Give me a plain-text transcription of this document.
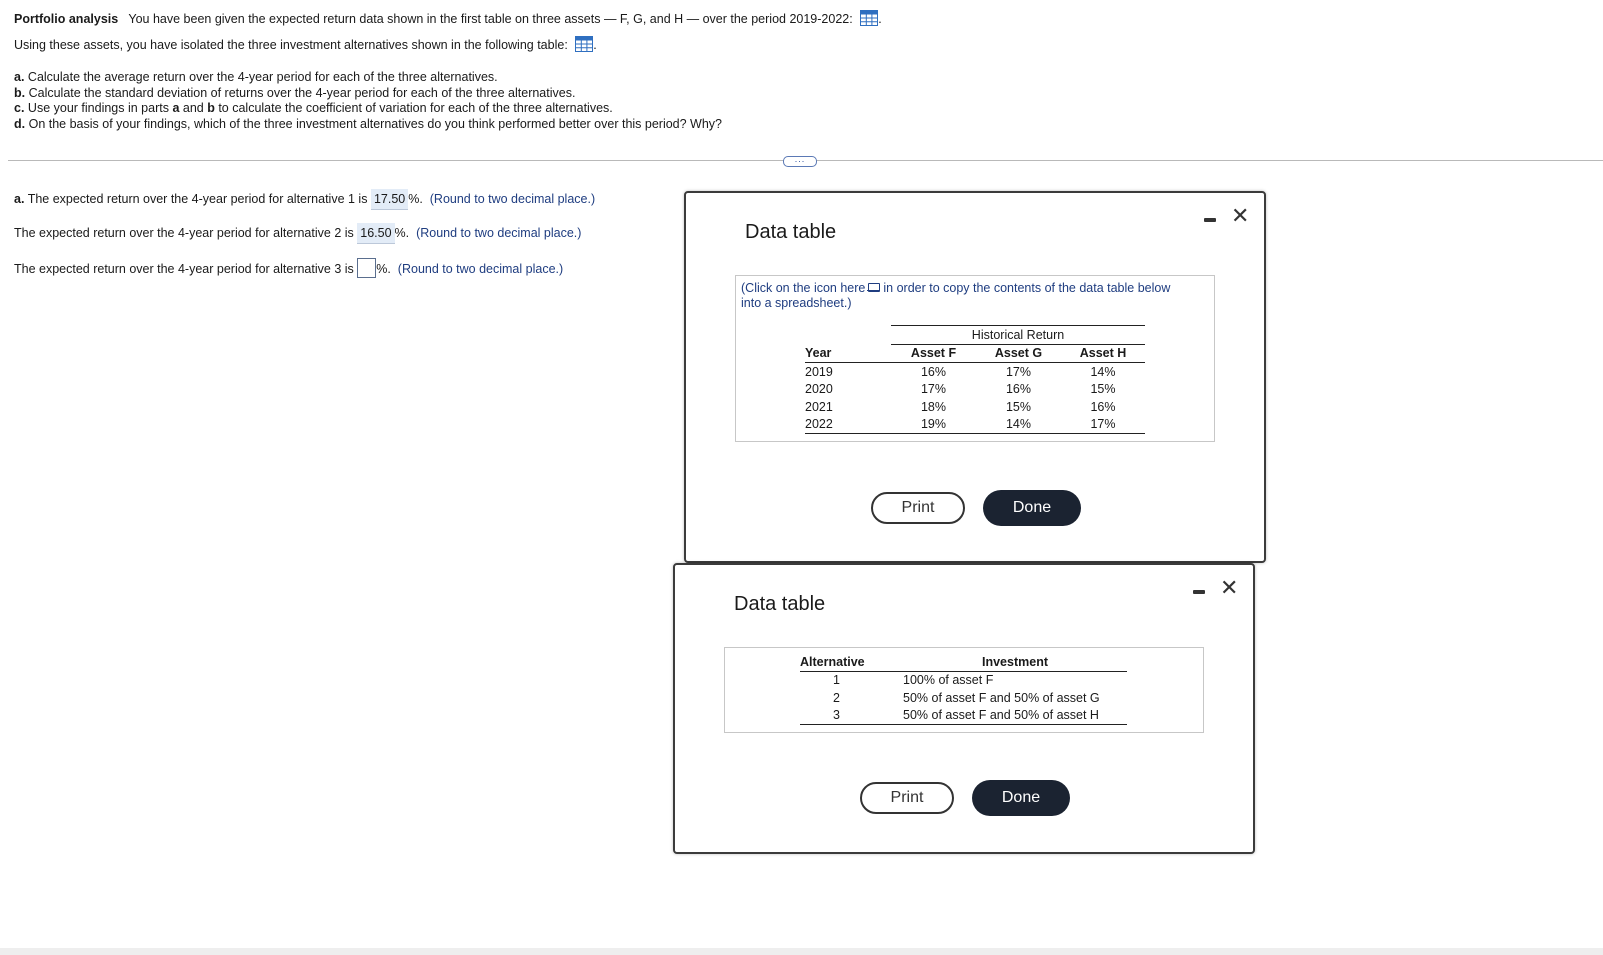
Portfolio analysis You have been given the expected return data shown in the first table on three assets — F, G, and H — over the period 2019-2022: .
Using these assets, you have isolated the three investment alternatives shown in the following table: .
a. Calculate the average return over the 4-year period for each of the three alternatives.
b. Calculate the standard deviation of returns over the 4-year period for each of the three alternatives.
c. Use your findings in parts a and b to calculate the coefficient of variation for each of the three alternatives.
d. On the basis of your findings, which of the three investment alternatives do you think performed better over this period? Why?
...
a. The expected return over the 4-year period for alternative 1 is 17.50 %. (Round to two decimal place.)
The expected return over the 4-year period for alternative 2 is 16.50 %. (Round to two decimal place.)
The expected return over the 4-year period for alternative 3 is %. (Round to two decimal place.)
Data table
✕
(Click on the icon here in order to copy the contents of the data table below
into a spreadsheet.)
	Historical Return		
Year	Asset F	Asset G	Asset H
2019	16%	17%	14%
2020	17%	16%	15%
2021	18%	15%	16%
2022	19%	14%	17%
Print	Done
Data table
✕
Alternative	Investment
1	100% of asset F
2	50% of asset F and 50% of asset G
3	50% of asset F and 50% of asset H
Print	Done
